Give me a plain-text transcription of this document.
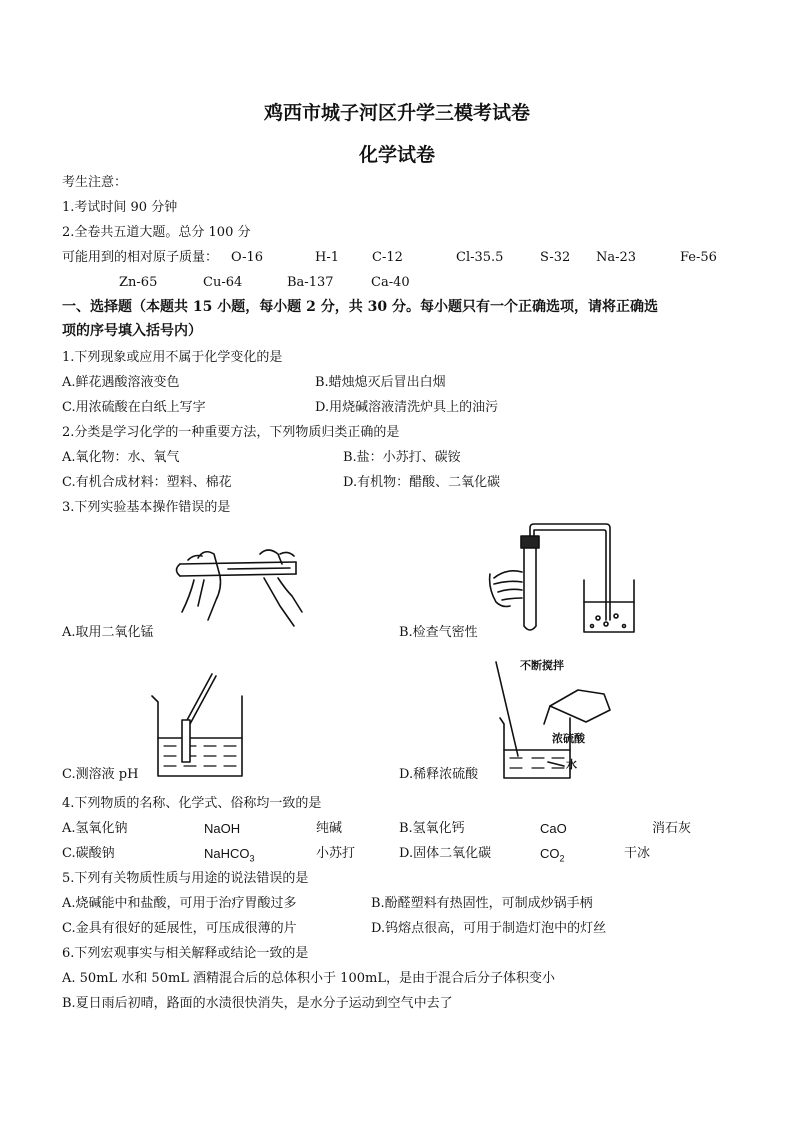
鸡西市城子河区升学三模考试卷
化学试卷
考生注意：
1.考试时间 90 分钟
2.全卷共五道大题。总分 100 分
可能用到的相对原子质量： O-16	H-1	C-12	Cl-35.5	S-32 Na-23	Fe-56
Zn-65	Cu-64	Ba-137	Ca-40
一、选择题（本题共 15 小题，每小题 2 分，共 30 分。每小题只有一个正确选项，请将正确选
项的序号填入括号内）
1.下列现象或应用不属于化学变化的是
A.鲜花遇酸溶液变色	B.蜡烛熄灭后冒出白烟
C.用浓硫酸在白纸上写字	D.用烧碱溶液清洗炉具上的油污
2.分类是学习化学的一种重要方法，下列物质归类正确的是
A.氧化物：水、氧气	B.盐：小苏打、碳铵
C.有机合成材料：塑料、棉花	D.有机物：醋酸、二氧化碳
3.下列实验基本操作错误的是
A.取用二氧化锰	B.检查气密性
C.测溶液 pH
不断搅拌
浓硫酸
水
D.稀释浓硫酸
4.下列物质的名称、化学式、俗称均一致的是
A.氢氧化钠	NaOH	纯碱	B.氢氧化钙	CaO	消石灰
C.碳酸钠	NaHCO$_3$	小苏打	D.固体二氧化碳	$CO_2$	干冰
5.下列有关物质性质与用途的说法错误的是
A.烧碱能中和盐酸，可用于治疗胃酸过多	B.酚醛塑料有热固性，可制成炒锅手柄
C.金具有很好的延展性，可压成很薄的片	D.钨熔点很高，可用于制造灯泡中的灯丝
6.下列宏观事实与相关解释或结论一致的是
A. 50mL 水和 50mL 酒精混合后的总体积小于 100mL，是由于混合后分子体积变小
B.夏日雨后初晴，路面的水渍很快消失，是水分子运动到空气中去了
